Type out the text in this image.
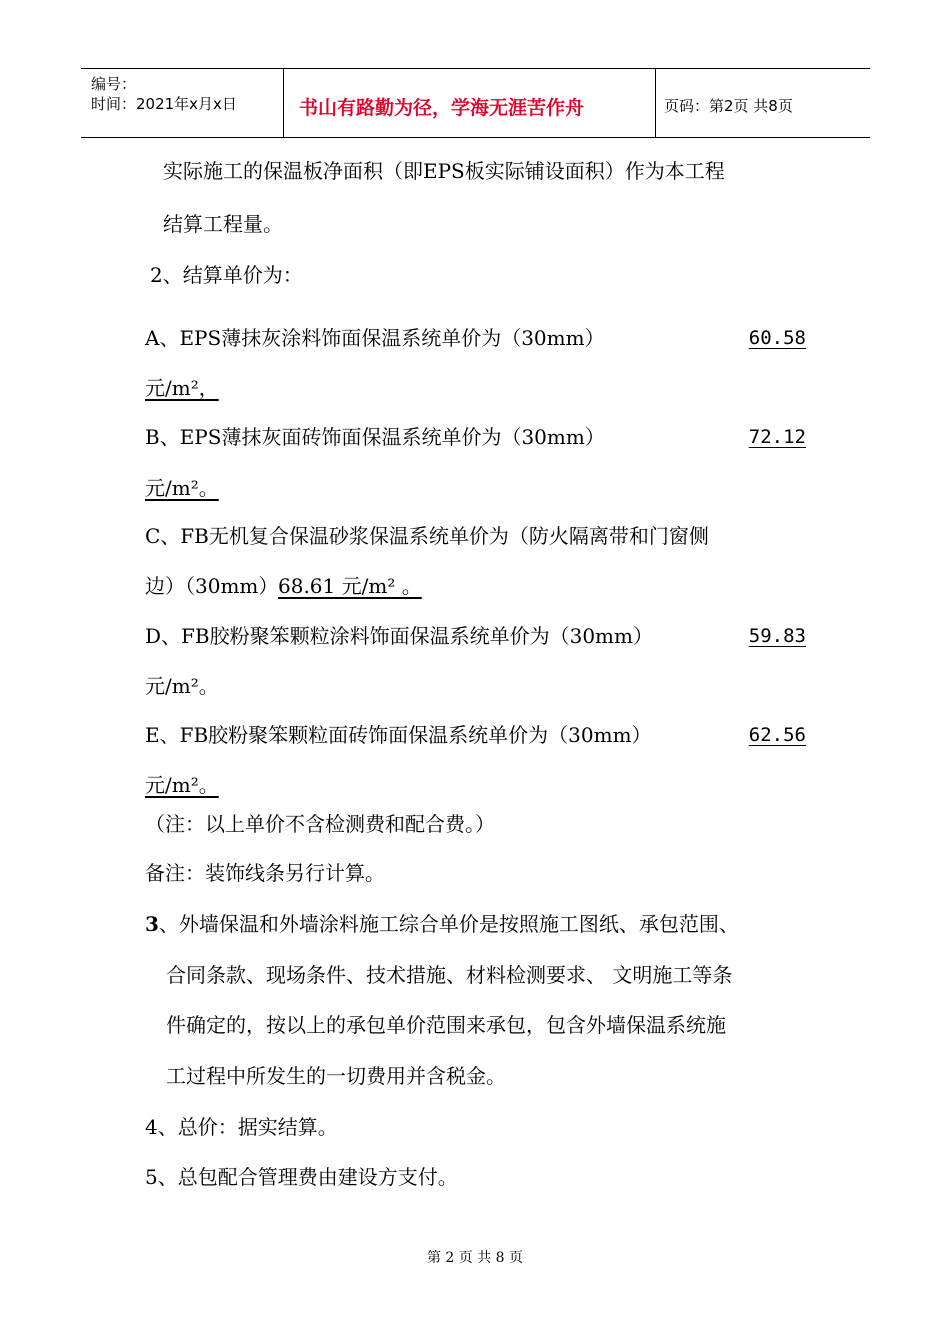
编号：
时间：2021年x月x日	书山有路勤为径，学海无涯苦作舟	页码：第2页 共8页
实际施工的保温板净面积（即EPS板实际铺设面积）作为本工程
结算工程量。
2、结算单价为：
A、EPS薄抹灰涂料饰面保温系统单价为（30mm）	60.58
元/m²，
B、EPS薄抹灰面砖饰面保温系统单价为（30mm）	72.12
元/m²。
C、FB无机复合保温砂浆保温系统单价为（防火隔离带和门窗侧
边）（30mm） 68.61 元/m² 。
D、FB胶粉聚笨颗粒涂料饰面保温系统单价为（30mm）	59.83
元/m²。
E、FB胶粉聚笨颗粒面砖饰面保温系统单价为（30mm）	62.56
元/m²。
（注：以上单价不含检测费和配合费。）
备注：装饰线条另行计算。
3、外墙保温和外墙涂料施工综合单价是按照施工图纸、承包范围、
合同条款、现场条件、技术措施、材料检测要求、 文明施工等条
件确定的，按以上的承包单价范围来承包，包含外墙保温系统施
工过程中所发生的一切费用并含税金。
4、总价：据实结算。
5、总包配合管理费由建设方支付。
第 2 页 共 8 页
